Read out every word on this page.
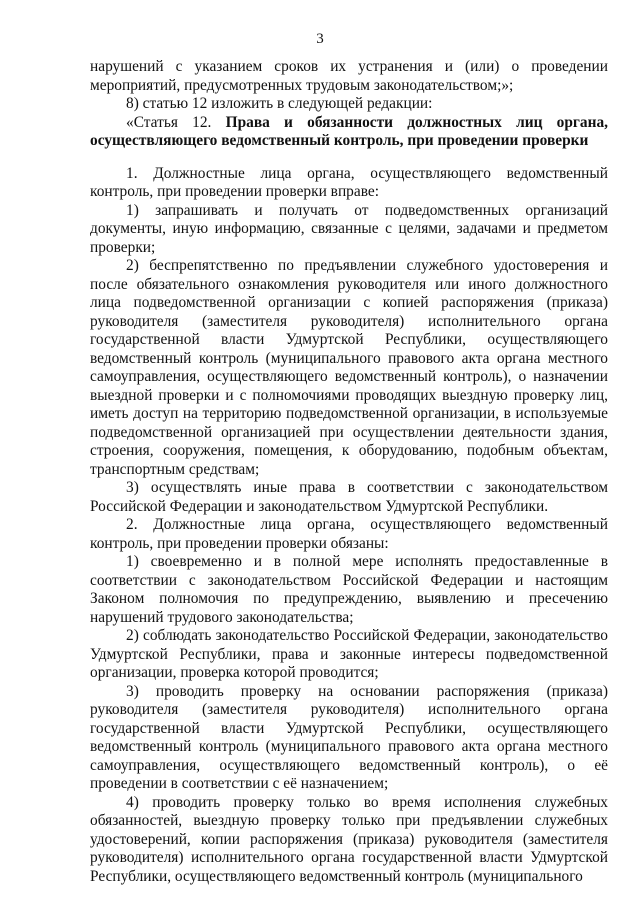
3

нарушений с указанием сроков их устранения и (или) о проведении мероприятий, предусмотренных трудовым законодательством;»;

8) статью 12 изложить в следующей редакции:

«Статья 12. Права и обязанности должностных лиц органа, осуществляющего ведомственный контроль, при проведении проверки

1. Должностные лица органа, осуществляющего ведомственный контроль, при проведении проверки вправе:

1) запрашивать и получать от подведомственных организаций документы, иную информацию, связанные с целями, задачами и предметом проверки;

2) беспрепятственно по предъявлении служебного удостоверения и после обязательного ознакомления руководителя или иного должностного лица подведомственной организации с копией распоряжения (приказа) руководителя (заместителя руководителя) исполнительного органа государственной власти Удмуртской Республики, осуществляющего ведомственный контроль (муниципального правового акта органа местного самоуправления, осуществляющего ведомственный контроль), о назначении выездной проверки и с полномочиями проводящих выездную проверку лиц, иметь доступ на территорию подведомственной организации, в используемые подведомственной организацией при осуществлении деятельности здания, строения, сооружения, помещения, к оборудованию, подобным объектам, транспортным средствам;

3) осуществлять иные права в соответствии с законодательством Российской Федерации и законодательством Удмуртской Республики.

2. Должностные лица органа, осуществляющего ведомственный контроль, при проведении проверки обязаны:

1) своевременно и в полной мере исполнять предоставленные в соответствии с законодательством Российской Федерации и настоящим Законом полномочия по предупреждению, выявлению и пресечению нарушений трудового законодательства;

2) соблюдать законодательство Российской Федерации, законодательство Удмуртской Республики, права и законные интересы подведомственной организации, проверка которой проводится;

3) проводить проверку на основании распоряжения (приказа) руководителя (заместителя руководителя) исполнительного органа государственной власти Удмуртской Республики, осуществляющего ведомственный контроль (муниципального правового акта органа местного самоуправления, осуществляющего ведомственный контроль), о её проведении в соответствии с её назначением;

4) проводить проверку только во время исполнения служебных обязанностей, выездную проверку только при предъявлении служебных удостоверений, копии распоряжения (приказа) руководителя (заместителя руководителя) исполнительного органа государственной власти Удмуртской Республики, осуществляющего ведомственный контроль (муниципального
